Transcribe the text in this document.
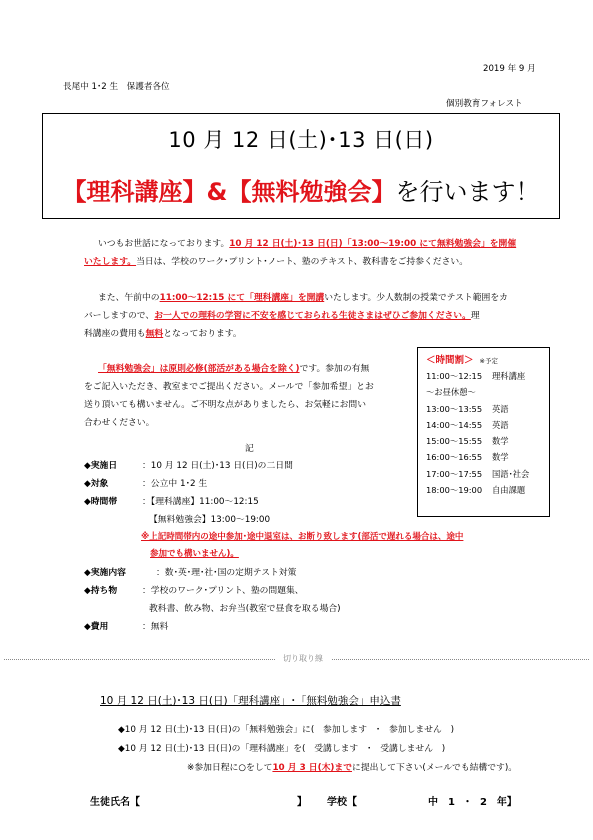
2019 年 9 月
長尾中 1･2 生　保護者各位
個別教育フォレスト
10 月 12 日(土)･13 日(日)
【理科講座】&【無料勉強会】を行います！
いつもお世話になっております。10 月 12 日(土)･13 日(日)「13:00～19:00 にて無料勉強会」を開催
いたします。当日は、学校のワーク･プリント･ノート、塾のテキスト、教科書をご持参ください。
また、午前中の11:00～12:15 にて「理科講座」を開講いたします。少人数制の授業でテスト範囲をカ
バーしますので、お一人での理科の学習に不安を感じておられる生徒さまはぜひご参加ください。理
科講座の費用も無料となっております。
「無料勉強会」は原則必修(部活がある場合を除く)です。参加の有無
をご記入いただき、教室までご提出ください。メールで「参加希望」とお
送り頂いても構いません。ご不明な点がありましたら、お気軽にお問い
合わせください。
＜時間割＞ ※予定
11:00～12:15 理科講座
～お昼休憩～
13:00～13:55 英語
14:00～14:55 英語
15:00～15:55 数学
16:00～16:55 数学
17:00～17:55 国語･社会
18:00～19:00 自由課題
記
◆実施日	：10 月 12 日(土)･13 日(日)の二日間
◆対象	：公立中 1･2 生
◆時間帯	：【理科講座】11:00～12:15
【無料勉強会】13:00～19:00
※上記時間帯内の途中参加･途中退室は、お断り致します(部活で遅れる場合は、途中
参加でも構いません)。
◆実施内容	：数･英･理･社･国の定期テスト対策
◆持ち物	：学校のワーク･プリント、塾の問題集、
教科書、飲み物、お弁当(教室で昼食を取る場合)
◆費用	：無料
切り取り線
10 月 12 日(土)･13 日(日)「理科講座」･「無料勉強会」申込書
◆10 月 12 日(土)･13 日(日)の「無料勉強会」に(　参加します　･　参加しません　)
◆10 月 12 日(土)･13 日(日)の「理科講座」を(　受講します　･　受講しません　)
※参加日程に○をして10 月 3 日(木)までに提出して下さい(メールでも結構です)。
生徒氏名【	】 学校【	中　1　･　2　年】
